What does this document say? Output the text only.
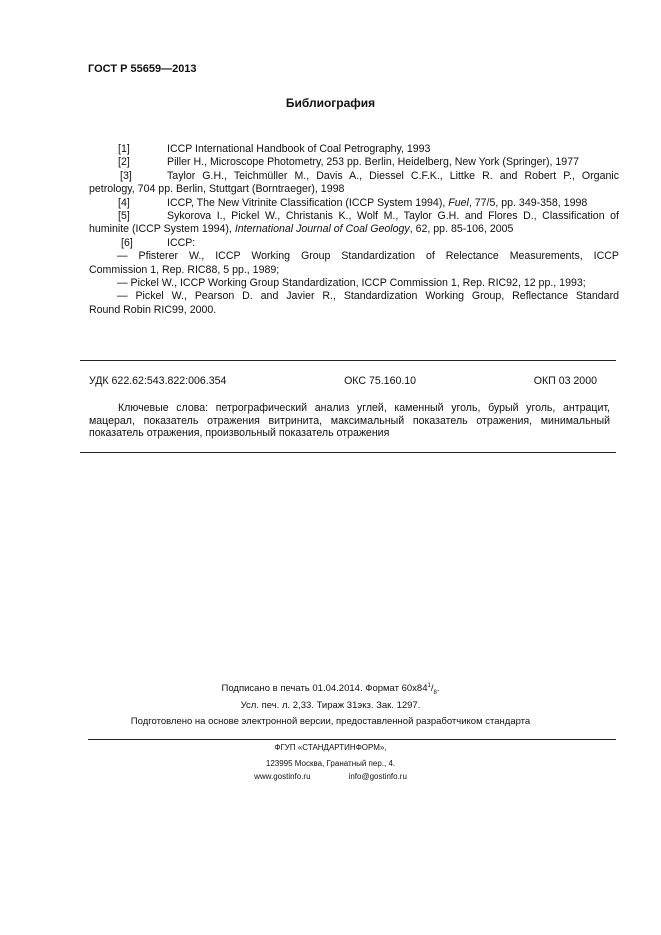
ГОСТ Р 55659—2013
Библиография
[1]	ICCP International Handbook of Coal Petrography, 1993
[2]	Piller H., Microscope Photometry, 253 pp. Berlin, Heidelberg, New York (Springer), 1977
[3]	Taylor G.H., Teichmüller M., Davis A., Diessel C.F.K., Littke R. and Robert P., Organic
petrology, 704 pp. Berlin, Stuttgart (Borntraeger), 1998
[4]	ICCP, The New Vitrinite Classification (ICCP System 1994), Fuel, 77/5, pp. 349-358, 1998
[5]	Sykorova I., Pickel W., Christanis K., Wolf M., Taylor G.H. and Flores D., Classification of
huminite (ICCP System 1994), International Journal of Coal Geology, 62, pp. 85-106, 2005
[6]	ICCP:
— Pfisterer W., ICCP Working Group Standardization of Relectance Measurements, ICCP
Commission 1, Rep. RIC88, 5 pp., 1989;
— Pickel W., ICCP Working Group Standardization, ICCP Commission 1, Rep. RIC92, 12 pp., 1993;
— Pickel W., Pearson D. and Javier R., Standardization Working Group, Reflectance Standard
Round Robin RIC99, 2000.
УДК 622.62:543.822:006.354	ОКС 75.160.10	ОКП 03 2000
Ключевые слова: петрографический анализ углей, каменный уголь, бурый уголь, антрацит, мацерал, показатель отражения витринита, максимальный показатель отражения, минимальный показатель отражения, произвольный показатель отражения
Подписано в печать 01.04.2014. Формат $60х84^1/_8$.
Усл. печ. л. 2,33. Тираж 31экз. Зак. 1297.
Подготовлено на основе электронной версии, предоставленной разработчиком стандарта
ФГУП «СТАНДАРТИНФОРМ»,
123995 Москва, Гранатный пер., 4.
www.gostinfo.ru	info@gostinfo.ru
